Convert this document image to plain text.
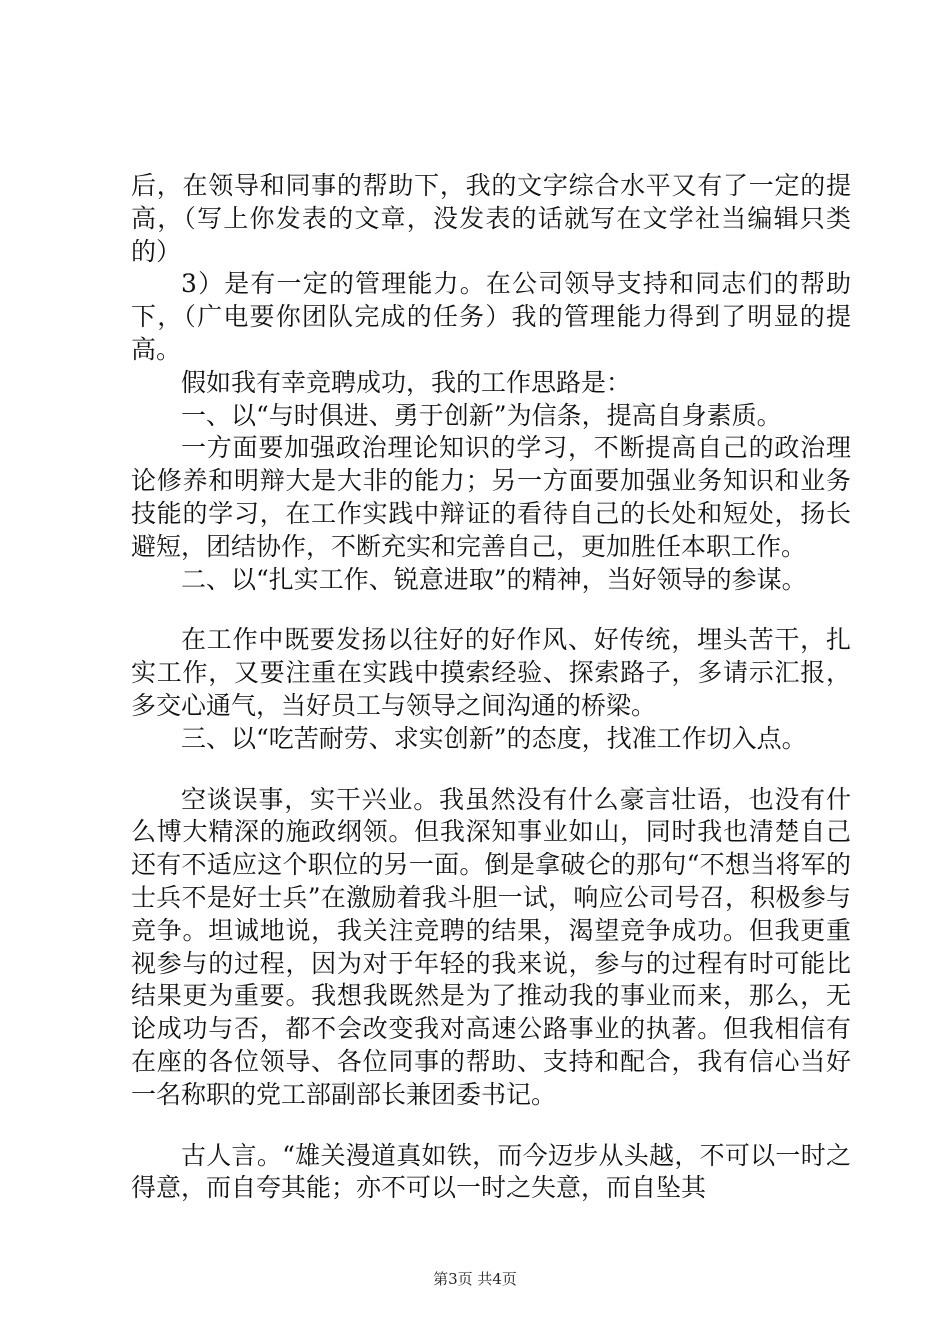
后，在领导和同事的帮助下，我的文字综合水平又有了一定的提高，（写上你发表的文章，没发表的话就写在文学社当编辑只类的）

3）是有一定的管理能力。在公司领导支持和同志们的帮助下，（广电要你团队完成的任务）我的管理能力得到了明显的提高。

假如我有幸竞聘成功，我的工作思路是：

一、以“与时俱进、勇于创新”为信条，提高自身素质。

一方面要加强政治理论知识的学习，不断提高自己的政治理论修养和明辩大是大非的能力；另一方面要加强业务知识和业务技能的学习，在工作实践中辩证的看待自己的长处和短处，扬长避短，团结协作，不断充实和完善自己，更加胜任本职工作。

二、以“扎实工作、锐意进取”的精神，当好领导的参谋。

在工作中既要发扬以往好的好作风、好传统，埋头苦干，扎实工作，又要注重在实践中摸索经验、探索路子，多请示汇报，多交心通气，当好员工与领导之间沟通的桥梁。

三、以“吃苦耐劳、求实创新”的态度，找准工作切入点。

空谈误事，实干兴业。我虽然没有什么豪言壮语，也没有什么博大精深的施政纲领。但我深知事业如山，同时我也清楚自己还有不适应这个职位的另一面。倒是拿破仑的那句“不想当将军的士兵不是好士兵”在激励着我斗胆一试，响应公司号召，积极参与竞争。坦诚地说，我关注竞聘的结果，渴望竞争成功。但我更重视参与的过程，因为对于年轻的我来说，参与的过程有时可能比结果更为重要。我想我既然是为了推动我的事业而来，那么，无论成功与否，都不会改变我对高速公路事业的执著。但我相信有在座的各位领导、各位同事的帮助、支持和配合，我有信心当好一名称职的党工部副部长兼团委书记。

古人言。“雄关漫道真如铁，而今迈步从头越，不可以一时之得意，而自夸其能；亦不可以一时之失意，而自坠其

第3页 共4页
